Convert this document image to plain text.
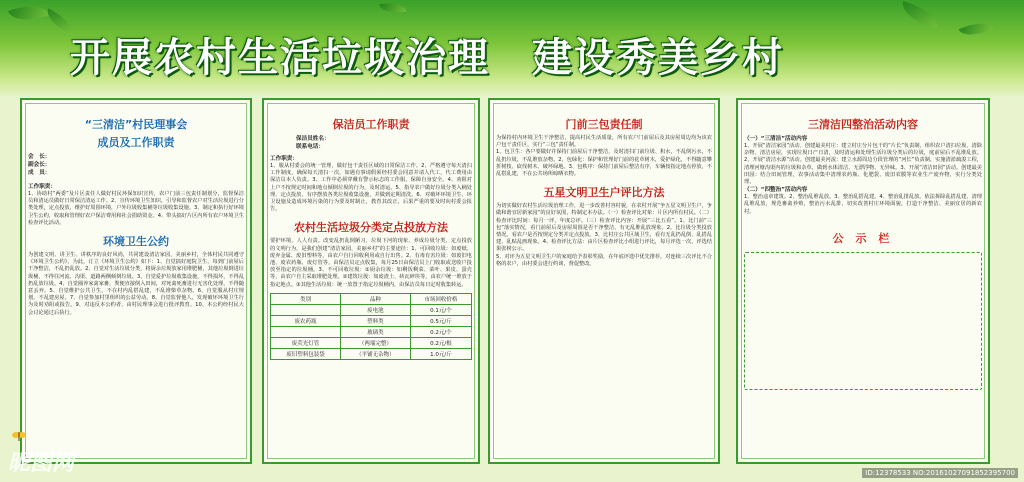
开展农村生活垃圾治理　建设秀美乡村
“三清洁”村民理事会
成员及工作职责
会　长：
副会长：
成　员：
工作职责：
1、协助村“两委”及片区责任人做好村民环保知识宣传，农户门前三包责任制划分，监督保洁员和清运员做好日常保洁清运工作。2、宣传环境卫生知识，引导和监督农户对生活垃圾进行分类处理，定点投放，维护好周围环境，户外垃圾收集桶等垃圾收集设施。3、制定和执行好环境卫生公约，收取和管理好农户保洁费用和社会捐助资金。4、带头搞好片区内所有农户环境卫生检查评比活动。
环境卫生公约
为创建文明、讲卫生、讲秩序的良好风尚，共同建设清洁家园，美丽乡村，全体村民共同遵守《环境卫生公约》，为此，订立《环境卫生公约》如下：1、自觉搞好庭院卫生，每到门前屋后干净整洁，不乱扔乱放。2、自觉对生活垃圾分类，将厨余垃圾放家用堆肥桶，其他垃圾倒进垃圾桶，不得往河流、沟渠、道路两侧倾倒垃圾。3、自觉爱护垃圾收集设施，不得损坏，不得乱扔乱放垃圾。4、自觉圈养家禽家畜，粪便直接倒入田间，对死禽死畜进行无害化处理，不得随意丢弃。5、自觉维护公共卫生，不在村内乱搭乱建，不乱堆柴草杂物。6、自觉服从村庄规划，不乱建房屋。7、自觉参加村里组织的公益劳动。8、自觉监督他人，发现破坏环境卫生行为及时劝阻或报告。9、对违反本公约者，由村民理事会进行批评教育。10、本公约经村民大会讨论通过后执行。
保洁员工作职责
保洁员姓名：
联系电话：
工作职责：
1、服从村委会的统一管理，做好包干责任区域的日常保洁工作。2、严格遵守每天清扫工作制度，确保每天清扫一次，如遇有事请假须经村委会同意并请人代工，代工费用由保洁员本人负责。3、工作中必须穿戴有警示标志的工作服，保障自身安全。4、劝阻对上户不按规定时间和地点倾倒垃圾的行为，及时清运。5、指导农户做好垃圾分类入桶处理，定点投放，有序摆放各类垃圾收集设施，并做到定期清洗。6、对破坏环境卫生、环卫设施及造成环境污染的行为要及时制止，教育其改正，后果严重的要及时向村委会报告。
农村生活垃圾分类定点投放方法
要护环境，人人有责。改变乱扔乱倒陋习，垃圾下河的现象，养成垃圾分类、定点投放的文明行为，是我们创建“清洁家园，美丽乡村”的主要途径：1、可回收垃圾：如废纸、废弃金属、废旧塑料等，由农户自行回收利用或自行出售。2、有毒有害垃圾：如废旧电池、废农药瓶、废灯管等，由保洁员定点收集，每月25日由保洁员上门收取或送收户投放至指定的垃圾桶。3、不可回收垃圾：①厨余垃圾：如剩饭剩菜、菜叶、果皮、蛋壳等，由农户自主采取堆肥处理。②建筑垃圾：如废渣土、砖瓦碎块等，由农户统一堆放于指定地点。③其他生活垃圾：统一放置于指定垃圾桶内，由保洁员每日定时收集转运。
类别	品种	市场回收价格
	废电池	0.1元/个
废农药瓶	塑料类	0.5元/斤
	玻璃类	0.2元/个
废荧光灯管	（两端完整）	0.2元/根
废旧塑料包装袋	（平铺无杂物）	1.0元/斤
门前三包责任制
为保持村内环境卫生干净整洁，提高村民生活质量，所有农户门前屋后及其房屋周边均为该农户包干责任区，实行“三包”责任制。
1、包卫生：各户要做好并保持门前屋后干净整洁，及时清扫门前垃圾、积水，不乱倒污水，不乱扔垃圾，不乱堆放杂物。2、包绿化：保护和管理好门前的花草树木，爱护绿化，不得随意攀折树枝、砍伐树木、破坏绿地。3、包秩序：保持门前屋后整洁有序，车辆按指定地点停放，不乱搭乱建，不在公共场所晾晒衣物。
五星文明卫生户评比方法
为切实做好农村生活垃圾治理工作，进一步改善村容村貌，在农村开展“争五星文明卫生户，争做和谐宜居新家园”的良好氛围，特制定本办法。（一）检查评比对象：片区内所有村民。（二）检查评比时间：每月一评，年度总评。（三）检查评比内容：开展“三比五看”。1、比门前“三包”落实情况，看门前屋后及房屋周围是否干净整洁，有无乱堆乱放现象。2、比垃圾分类投放情况，看农户是否按规定分类并定点投放。3、比村庄公共区域卫生，看有无乱扔乱倒、乱搭乱建、乱贴乱画现象。4、检查评比方法：由片区检查评比小组进行评比，每月评选一次，评选结果张榜公示。
5、对评为五星文明卫生户的家庭给予表彰奖励，在年底评选中优先推荐。对连续三次评比不合格的农户，由村委会进行约谈，督促整改。
三清洁四整治活动内容
（一）“三清洁”活动内容
1、开展“清洁家园”活动。创建最美村庄：建立村庄分片包干的“片长”负责制，组织农户清扫垃圾、清除杂物、清洁房屋，实现垃圾日产日清，及时清运和处理生活垃圾分类后的垃圾，庭前屋后不乱堆乱放。2、开展“清洁水源”活动。创建最美河流：建立水源周边分段管理的“河长”负责制，实施清淤疏浚工程，清理河塘沟渠内的垃圾和杂草，做到水体清洁、无漂浮物、无异味。3、开展“清洁田园”活动。创建最美田园：结合田间管理，农事活动集中清理农药瓶、化肥袋、废旧农膜等农业生产废弃物，实行分类处理。
（二）“四整治”活动内容
1、整治违章建筑。2、整治乱堆乱放。3、整治乱搭乱建。4、整治乱排乱放。依法拆除乱搭乱建，清理乱堆乱放，规范畜禽养殖，整治污水乱排，切实改善村庄环境面貌，打造干净整洁、美丽宜居的新农村。
公 示 栏
昵图网	ID:12378533 NO:20161027091852395700
